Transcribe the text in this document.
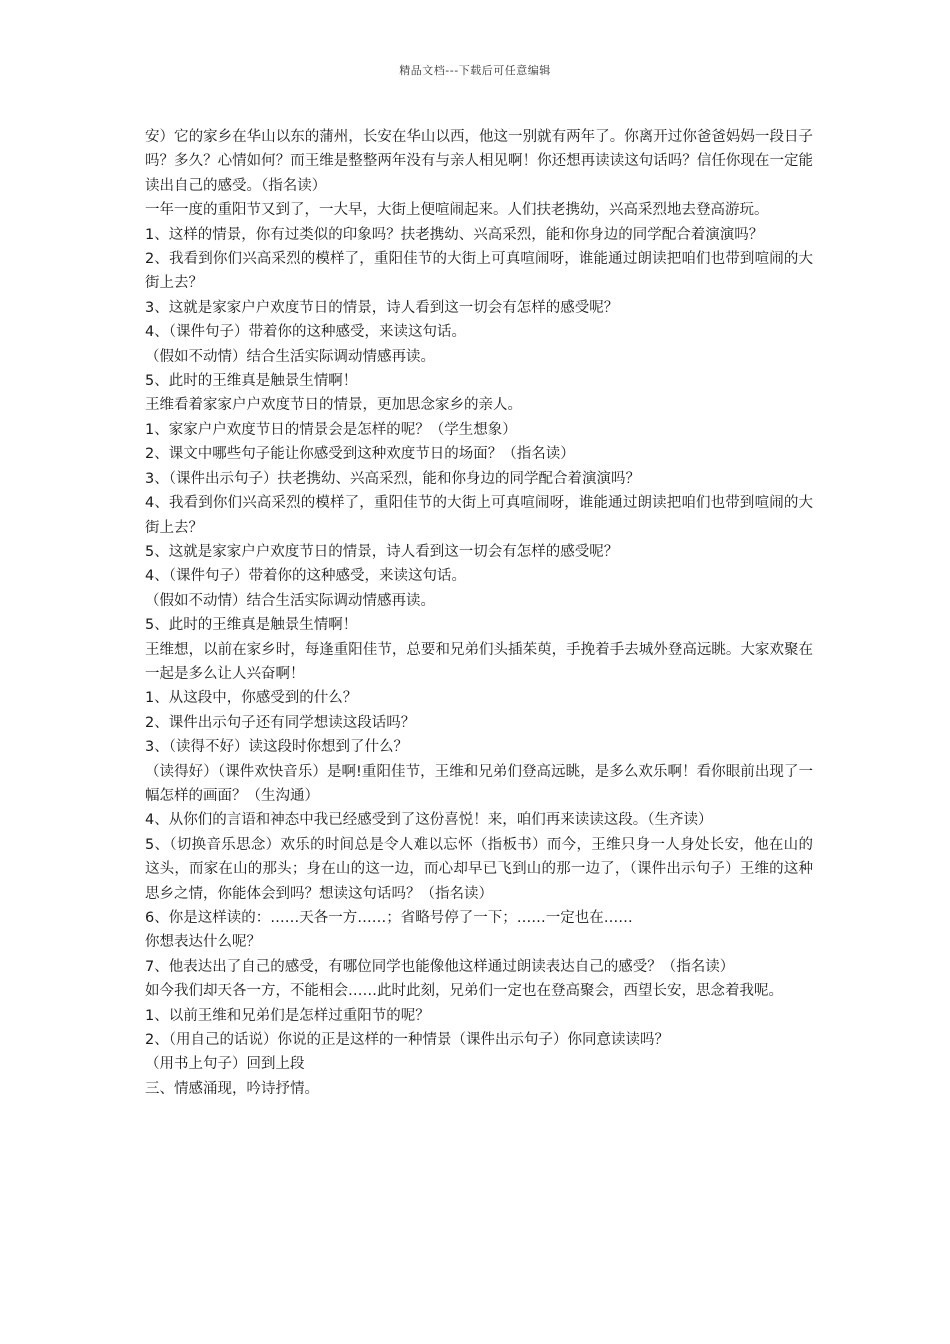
精品文档---下载后可任意编辑

安）它的家乡在华山以东的蒲州，长安在华山以西，他这一别就有两年了。你离开过你爸爸妈妈一段日子吗？多久？心情如何？而王维是整整两年没有与亲人相见啊！你还想再读读这句话吗？信任你现在一定能读出自己的感受。（指名读）

一年一度的重阳节又到了，一大早，大街上便喧闹起来。人们扶老携幼，兴高采烈地去登高游玩。

1、这样的情景，你有过类似的印象吗？扶老携幼、兴高采烈，能和你身边的同学配合着演演吗？

2、我看到你们兴高采烈的模样了，重阳佳节的大街上可真喧闹呀，谁能通过朗读把咱们也带到喧闹的大街上去？

3、这就是家家户户欢度节日的情景，诗人看到这一切会有怎样的感受呢？

4、（课件句子）带着你的这种感受，来读这句话。

（假如不动情）结合生活实际调动情感再读。

5、此时的王维真是触景生情啊！

王维看着家家户户欢度节日的情景，更加思念家乡的亲人。

1、家家户户欢度节日的情景会是怎样的呢？（学生想象）

2、课文中哪些句子能让你感受到这种欢度节日的场面？（指名读）

3、（课件出示句子）扶老携幼、兴高采烈，能和你身边的同学配合着演演吗？

4、我看到你们兴高采烈的模样了，重阳佳节的大街上可真喧闹呀，谁能通过朗读把咱们也带到喧闹的大街上去？

5、这就是家家户户欢度节日的情景，诗人看到这一切会有怎样的感受呢？

4、（课件句子）带着你的这种感受，来读这句话。

（假如不动情）结合生活实际调动情感再读。

5、此时的王维真是触景生情啊！

王维想，以前在家乡时，每逢重阳佳节，总要和兄弟们头插茱萸，手挽着手去城外登高远眺。大家欢聚在一起是多么让人兴奋啊！

1、从这段中，你感受到的什么？

2、课件出示句子还有同学想读这段话吗？

3、（读得不好）读这段时你想到了什么？

（读得好）（课件欢快音乐）是啊!重阳佳节，王维和兄弟们登高远眺，是多么欢乐啊！看你眼前出现了一幅怎样的画面？（生沟通）

4、从你们的言语和神态中我已经感受到了这份喜悦！来，咱们再来读读这段。（生齐读）

5、（切换音乐思念）欢乐的时间总是令人难以忘怀（指板书）而今，王维只身一人身处长安，他在山的这头，而家在山的那头；身在山的这一边，而心却早已飞到山的那一边了，（课件出示句子）王维的这种思乡之情，你能体会到吗？想读这句话吗？（指名读）

6、你是这样读的：……天各一方……；省略号停了一下；……一定也在……

你想表达什么呢？

7、他表达出了自己的感受，有哪位同学也能像他这样通过朗读表达自己的感受？（指名读）

如今我们却天各一方，不能相会……此时此刻，兄弟们一定也在登高聚会，西望长安，思念着我呢。

1、以前王维和兄弟们是怎样过重阳节的呢？

2、（用自己的话说）你说的正是这样的一种情景（课件出示句子）你同意读读吗？

（用书上句子）回到上段

三、情感涌现，吟诗抒情。
